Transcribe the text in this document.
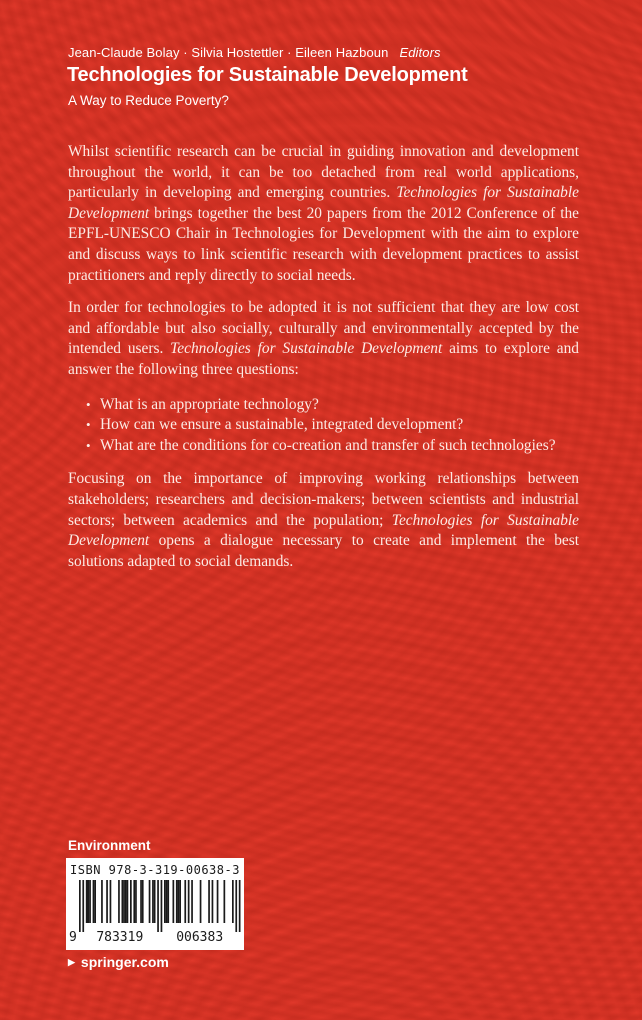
Jean-Claude Bolay · Silvia Hostettler · Eileen Hazboun Editors
Technologies for Sustainable Development
A Way to Reduce Poverty?

Whilst scientific research can be crucial in guiding innovation and development throughout the world, it can be too detached from real world applications, particularly in developing and emerging countries. Technologies for Sustainable Development brings together the best 20 papers from the 2012 Conference of the EPFL-UNESCO Chair in Technologies for Development with the aim to explore and discuss ways to link scientific research with development practices to assist practitioners and reply directly to social needs.

In order for technologies to be adopted it is not sufficient that they are low cost and affordable but also socially, culturally and environmentally accepted by the intended users. Technologies for Sustainable Development aims to explore and answer the following three questions:

• What is an appropriate technology?
• How can we ensure a sustainable, integrated development?
• What are the conditions for co-creation and transfer of such technologies?

Focusing on the importance of improving working relationships between stakeholders; researchers and decision-makers; between scientists and industrial sectors; between academics and the population; Technologies for Sustainable Development opens a dialogue necessary to create and implement the best solutions adapted to social demands.

Environment
ISBN 978-3-319-00638-3
9 783319	006383
▶ springer.com
